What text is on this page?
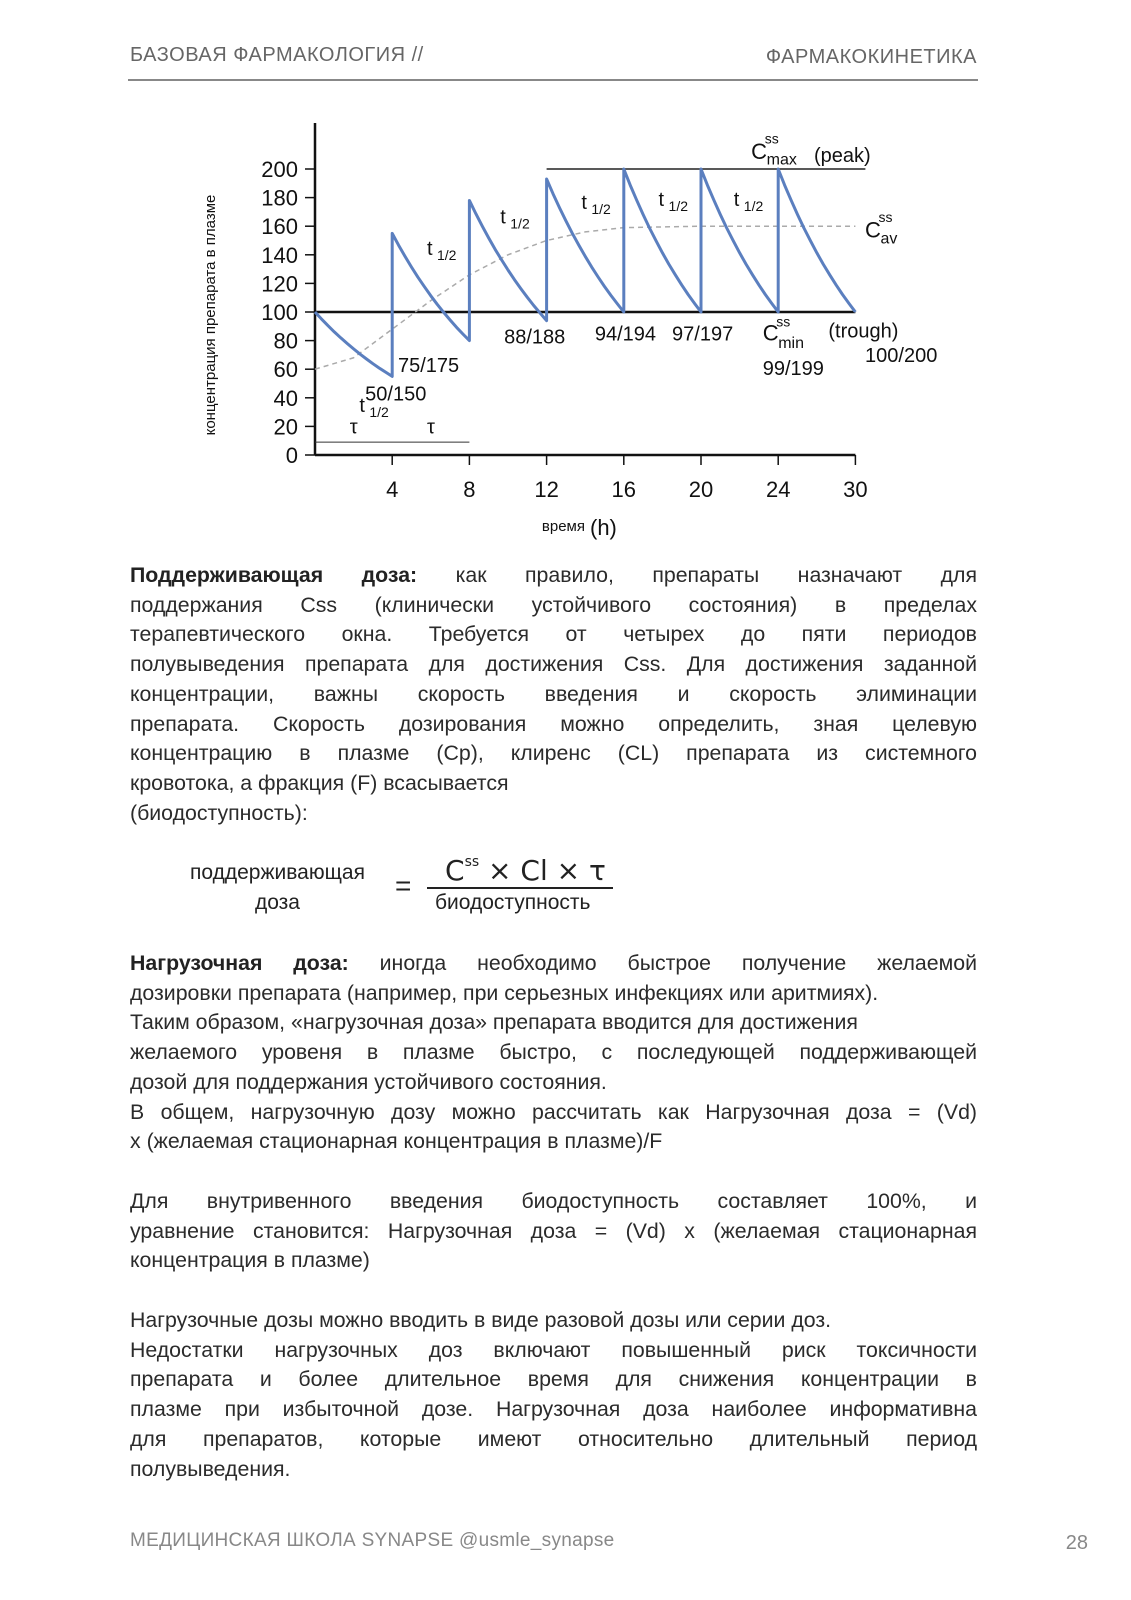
БАЗОВАЯ ФАРМАКОЛОГИЯ //	ФАРМАКОКИНЕТИКА
0
20
40
60
80
100
120
140
160
180
200
4	8	12 16 20 24 30
концентрация препарата в плазме
время (h)
t 1/2
t 1/2
t 1/2
t 1/2 t 1/2 t 1/2
τ	τ
50/150
75/175
88/188 94/194 97/197
99/199
100/200
C
ss
max (peak)
C
ss
av
C
ss
min
(trough)
Поддерживающая доза: как правило, препараты назначают для
поддержания Css (клинически устойчивого состояния) в пределах
терапевтического окна. Требуется от четырех до пяти периодов
полувыведения препарата для достижения Css. Для достижения заданной
концентрации, важны скорость введения и скорость элиминации
препарата. Скорость дозирования можно определить, зная целевую
концентрацию в плазме (Ср), клиренс (CL) препарата из системного
кровотока, а фракция (F) всасывается
(биодоступность):
поддерживающая
доза
= $C^{ss} \times Cl \times \tau$
биодоступность
Нагрузочная доза: иногда необходимо быстрое получение желаемой
дозировки препарата (например, при серьезных инфекциях или аритмиях).
Таким образом, «нагрузочная доза» препарата вводится для достижения
желаемого уровеня в плазме быстро, с последующей поддерживающей
дозой для поддержания устойчивого состояния.
В общем, нагрузочную дозу можно рассчитать как Нагрузочная доза = (Vd)
x (желаемая стационарная концентрация в плазме)/F
Для внутривенного введения биодоступность составляет 100%, и
уравнение становится: Нагрузочная доза = (Vd) x (желаемая стационарная
концентрация в плазме)
Нагрузочные дозы можно вводить в виде разовой дозы или серии доз.
Недостатки нагрузочных доз включают повышенный риск токсичности
препарата и более длительное время для снижения концентрации в
плазме при избыточной дозе. Нагрузочная доза наиболее информативна
для препаратов, которые имеют относительно длительный период
полувыведения.
МЕДИЦИНСКАЯ ШКОЛА SYNAPSE @usmle_synapse	28
